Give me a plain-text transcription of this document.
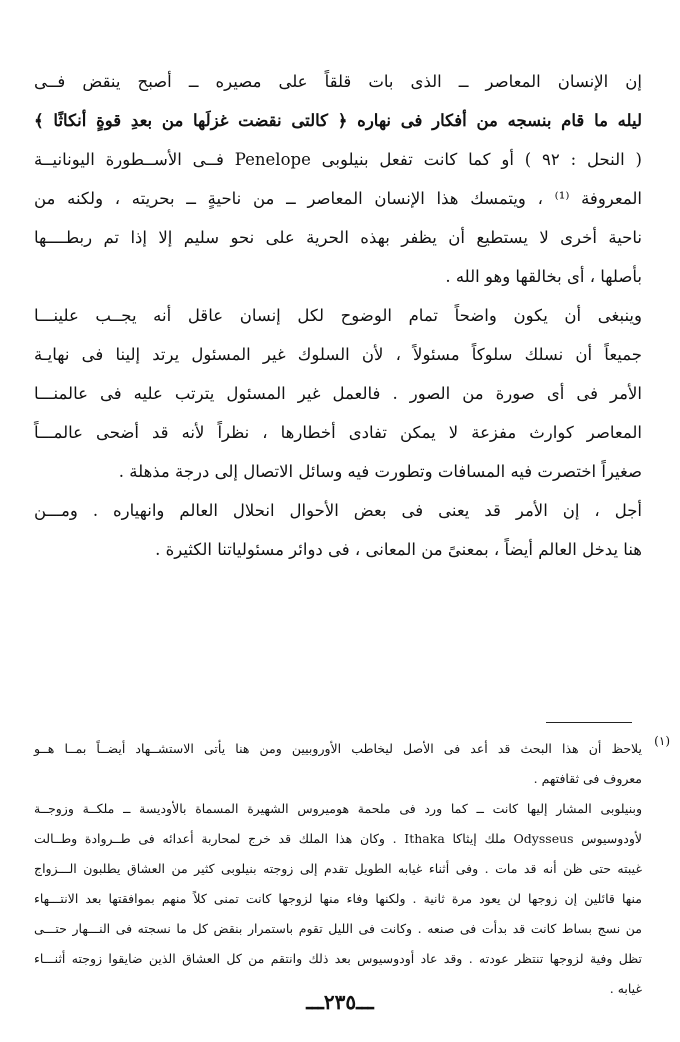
إن الإنسان المعاصر ــ الذى بات قلقاً على مصيره ــ أصبح ينقض فــى
ليله ما قام بنسجه من أفكار فى نهاره ﴿ كالتى نقضت غزلَها من بعدِ قوةٍ أنكاثًا ﴾
( النحل : ٩٢ ) أو كما كانت تفعل بنيلوبى Penelope فــى الأســطورة اليونانيــة
المعروفة ⁽¹⁾ ، ويتمسك هذا الإنسان المعاصر ــ من ناحيةٍ ــ بحريته ، ولكنه من
ناحية أخرى لا يستطيع أن يظفر بهذه الحرية على نحو سليم إلا إذا تم ربطــــها
بأصلها ، أى بخالقها وهو الله .
وينبغى أن يكون واضحاً تمام الوضوح لكل إنسان عاقل أنه يجــب علينـــا
جميعاً أن نسلك سلوكاً مسئولاً ، لأن السلوك غير المسئول يرتد إلينا فى نهايـة
الأمر فى أى صورة من الصور . فالعمل غير المسئول يترتب عليه فى عالمنـــا
المعاصر كوارث مفزعة لا يمكن تفادى أخطارها ، نظراً لأنه قد أضحى عالمـــاً
صغيراً اختصرت فيه المسافات وتطورت فيه وسائل الاتصال إلى درجة مذهلة .
أجل ، إن الأمر قد يعنى فى بعض الأحوال انحلال العالم وانهياره . ومـــن
هنا يدخل العالم أيضاً ، بمعنىً من المعانى ، فى دوائر مسئولياتنا الكثيرة .
(١)
يلاحظ أن هذا البحث قد أعد فى الأصل ليخاطب الأوروبيين ومن هنا يأتى الاستشــهاد أيضــاً بمــا هــو
معروف فى ثقافتهم .
وبنيلوبى المشار إليها كانت ــ كما ورد فى ملحمة هوميروس الشهيرة المسماة بالأوديسة ــ ملكــة وزوجــة
لأودوسيوس Odysseus ملك إيثاكا Ithaka . وكان هذا الملك قد خرج لمحاربة أعدائه فى طــروادة وطــالت
غيبته حتى ظن أنه قد مات . وفى أثناء غيابه الطويل تقدم إلى زوجته بنيلوبى كثير من العشاق يطلبون الـــزواج
منها قائلين إن زوجها لن يعود مرة ثانية . ولكنها وفاء منها لزوجها كانت تمنى كلاً منهم بموافقتها بعد الانتـــهاء
من نسج بساط كانت قد بدأت فى صنعه . وكانت فى الليل تقوم باستمرار بنقض كل ما نسجته فى النـــهار حتـــى
تظل وفية لزوجها تنتظر عودته . وقد عاد أودوسيوس بعد ذلك وانتقم من كل العشاق الذين ضايقوا زوجته أثنـــاء
غيابه .
ـــ٢٣٥ـــ
